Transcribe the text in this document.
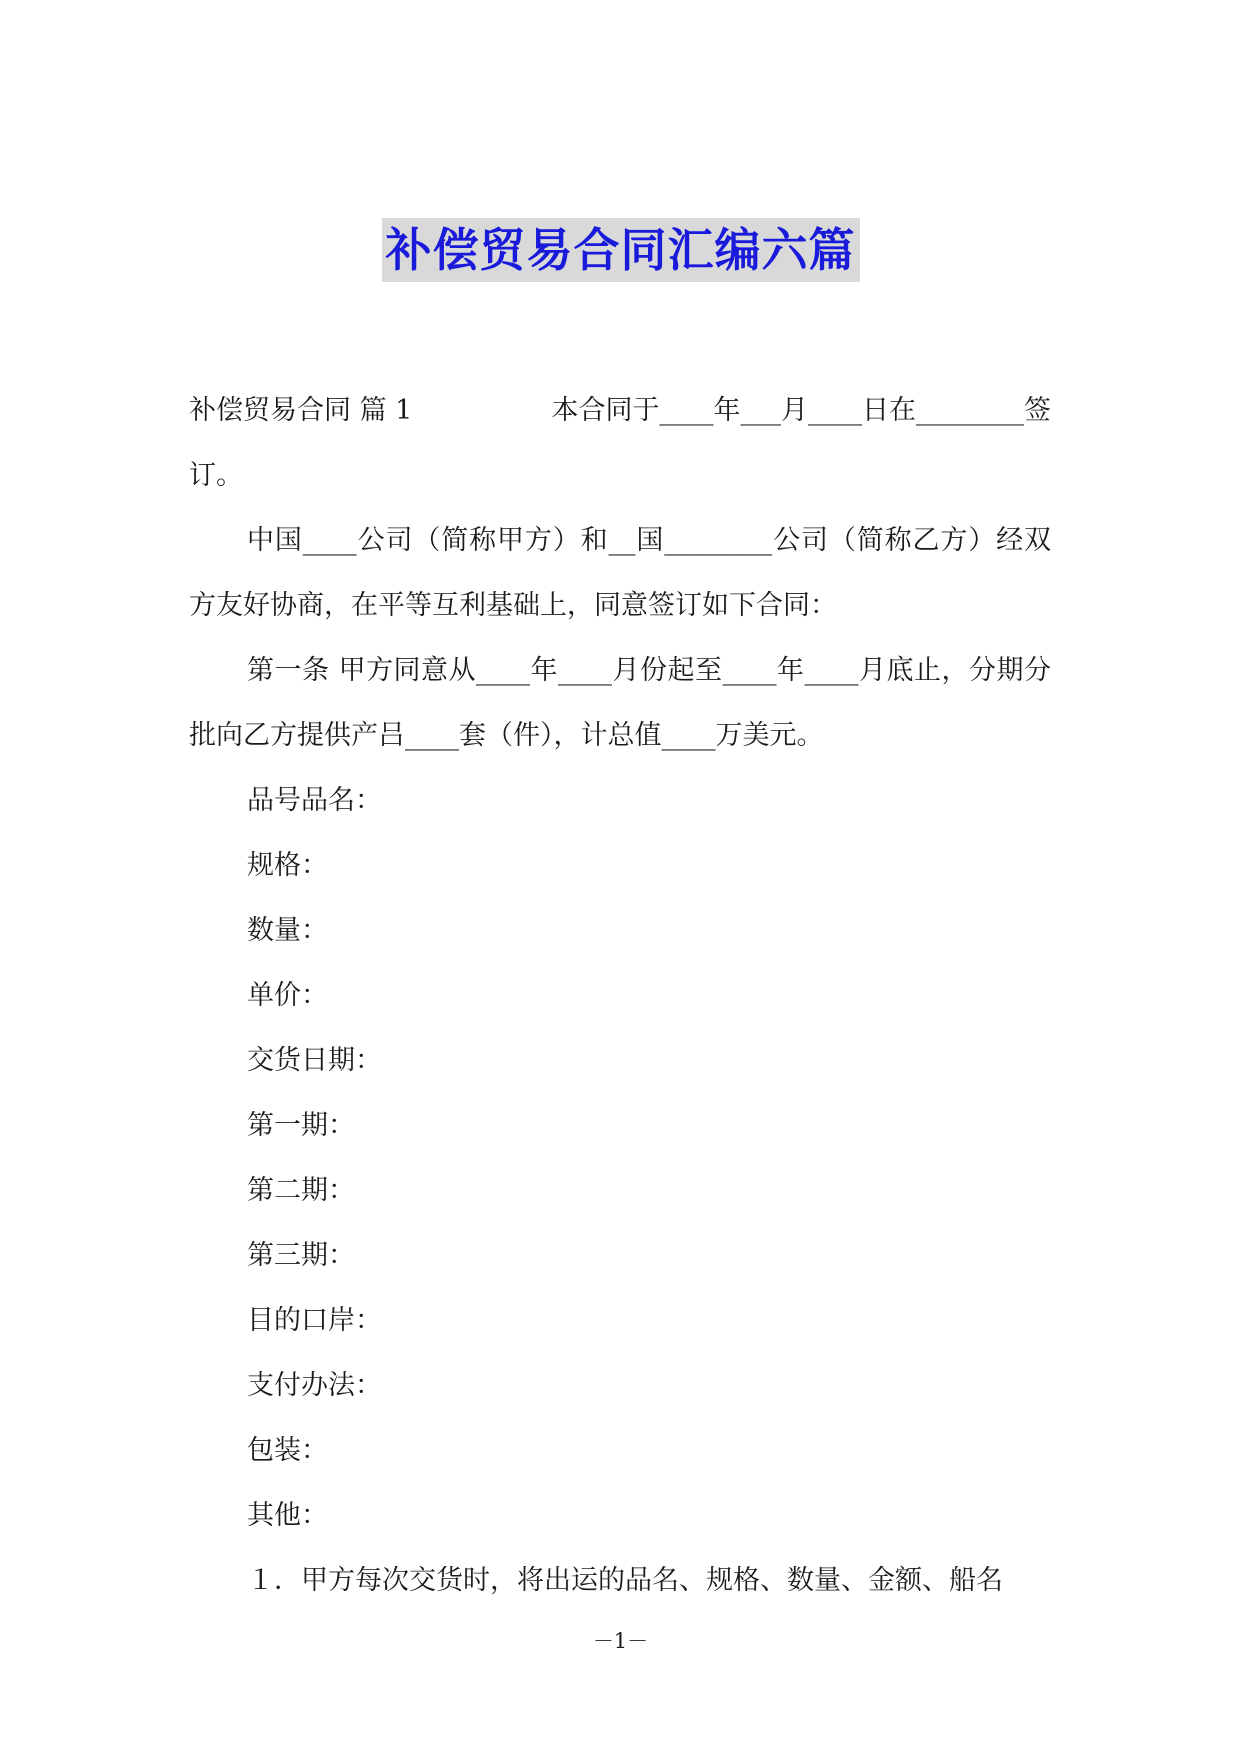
补偿贸易合同汇编六篇
补偿贸易合同 篇 1	本合同于____年___月____日在________签
订。

中国____公司（简称甲方）和__国________公司（简称乙方）经双方友好协商，在平等互利基础上，同意签订如下合同：

第一条 甲方同意从____年____月份起至____年____月底止，分期分批向乙方提供产吕____套（件），计总值____万美元。

品号品名：

规格：

数量：

单价：

交货日期：

第一期：

第二期：

第三期：

目的口岸：

支付办法：

包装：

其他：

１．甲方每次交货时，将出运的品名、规格、数量、金额、船名

－1－
